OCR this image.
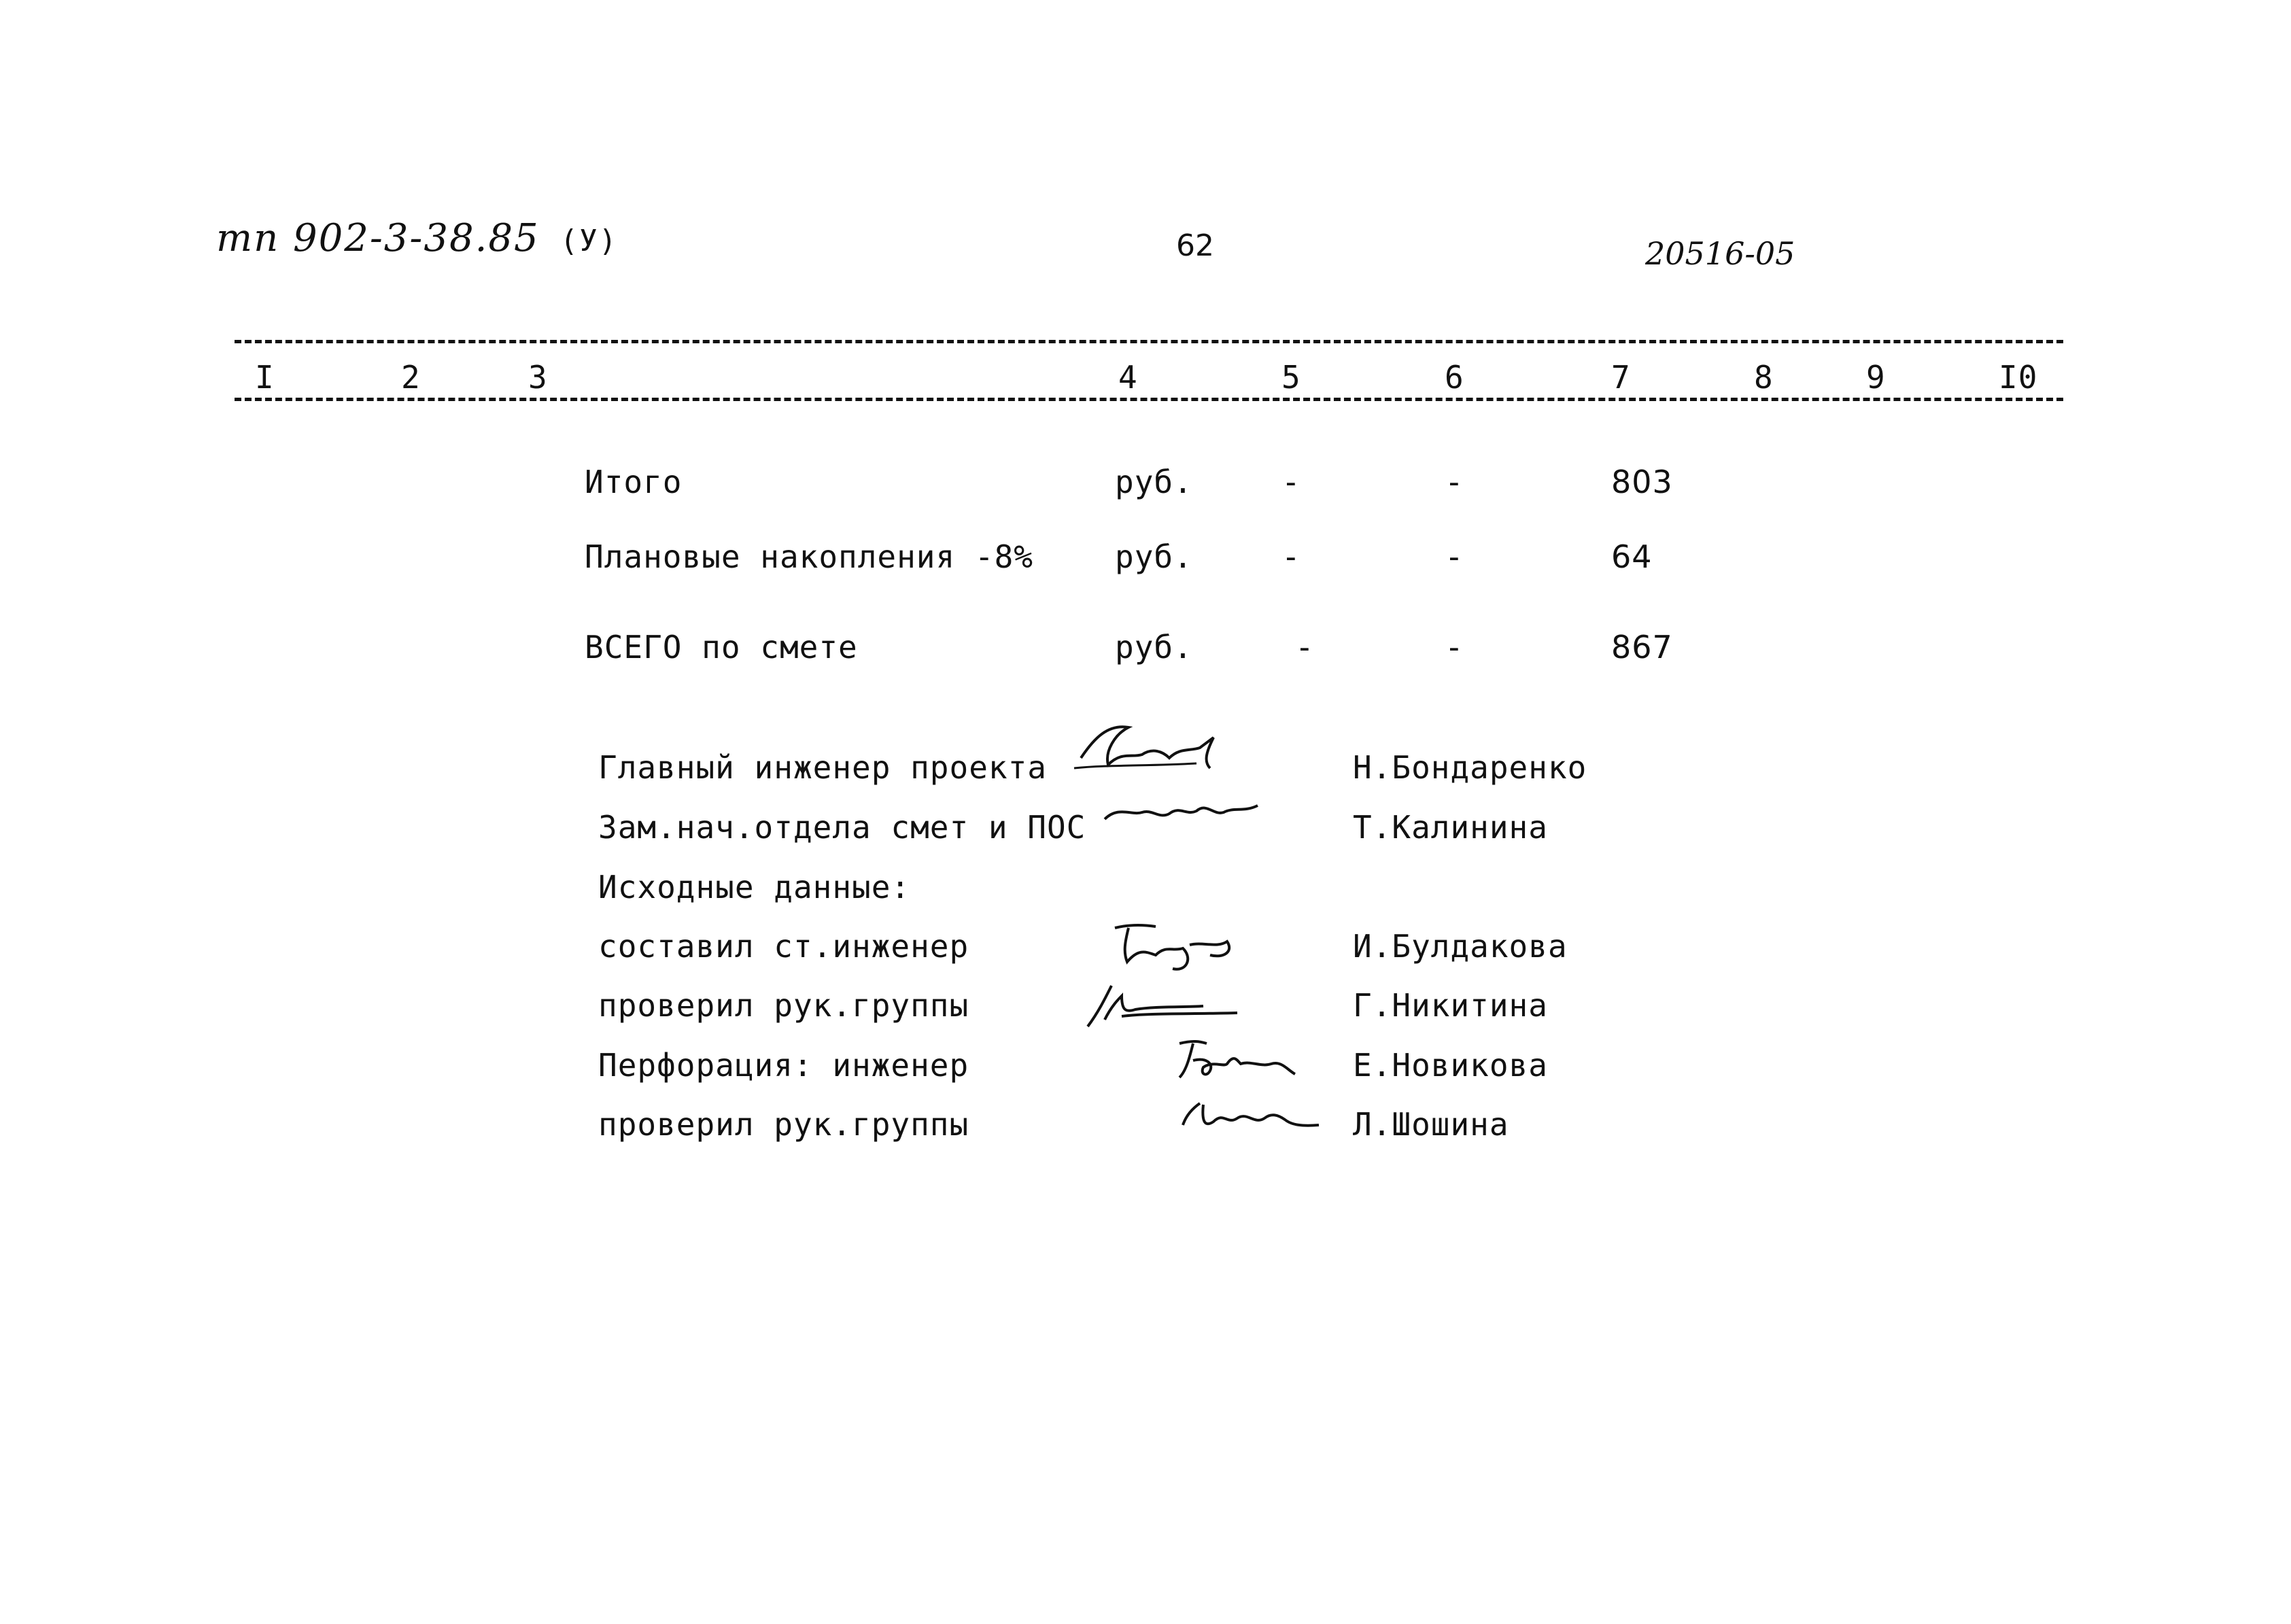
тп 902-3-38.85 (У)	62	20516-05
I	2	3	4	5	6	7	8	9	I0
Итого	руб.	-	-	803
Плановые накопления -8%	руб.	-	-	64
ВСЕГО по смете	руб.	-	-	867
Главный инженер проекта	Н.Бондаренко
Зам.нач.отдела смет и ПОС	Т.Калинина
Исходные данные:
составил ст.инженер	И.Булдакова
проверил рук.группы	Г.Никитина
Перфорация: инженер	Е.Новикова
проверил рук.группы	Л.Шошина
